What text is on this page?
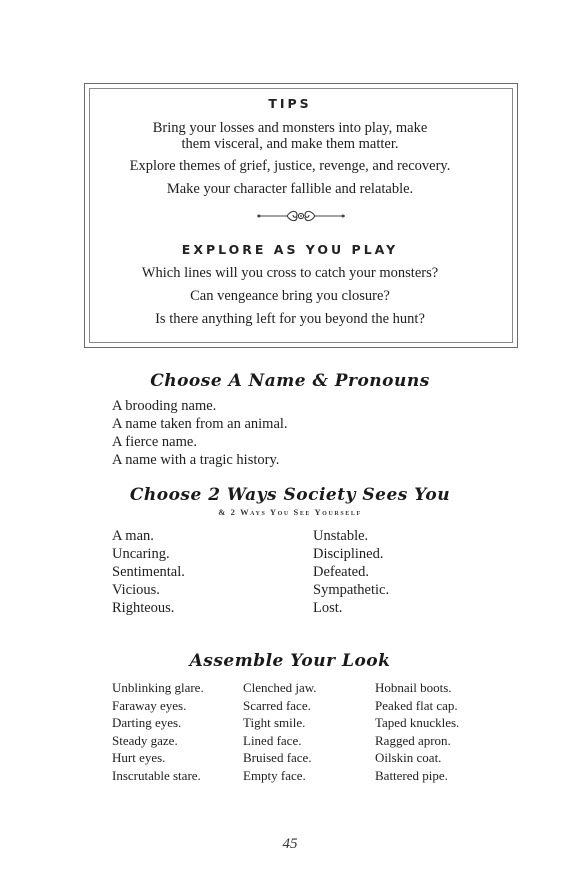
TIPS
Bring your losses and monsters into play, make
them visceral, and make them matter.
Explore themes of grief, justice, revenge, and recovery.
Make your character fallible and relatable.
EXPLORE AS YOU PLAY
Which lines will you cross to catch your monsters?
Can vengeance bring you closure?
Is there anything left for you beyond the hunt?
Choose A Name & Pronouns
A brooding name.
A name taken from an animal.
A fierce name.
A name with a tragic history.
Choose 2 Ways Society Sees You
& 2 Ways You See Yourself
A man.
Uncaring.
Sentimental.
Vicious.
Righteous.
Unstable.
Disciplined.
Defeated.
Sympathetic.
Lost.
Assemble Your Look
Unblinking glare.
Faraway eyes.
Darting eyes.
Steady gaze.
Hurt eyes.
Inscrutable stare.
Clenched jaw.
Scarred face.
Tight smile.
Lined face.
Bruised face.
Empty face.
Hobnail boots.
Peaked flat cap.
Taped knuckles.
Ragged apron.
Oilskin coat.
Battered pipe.
45
